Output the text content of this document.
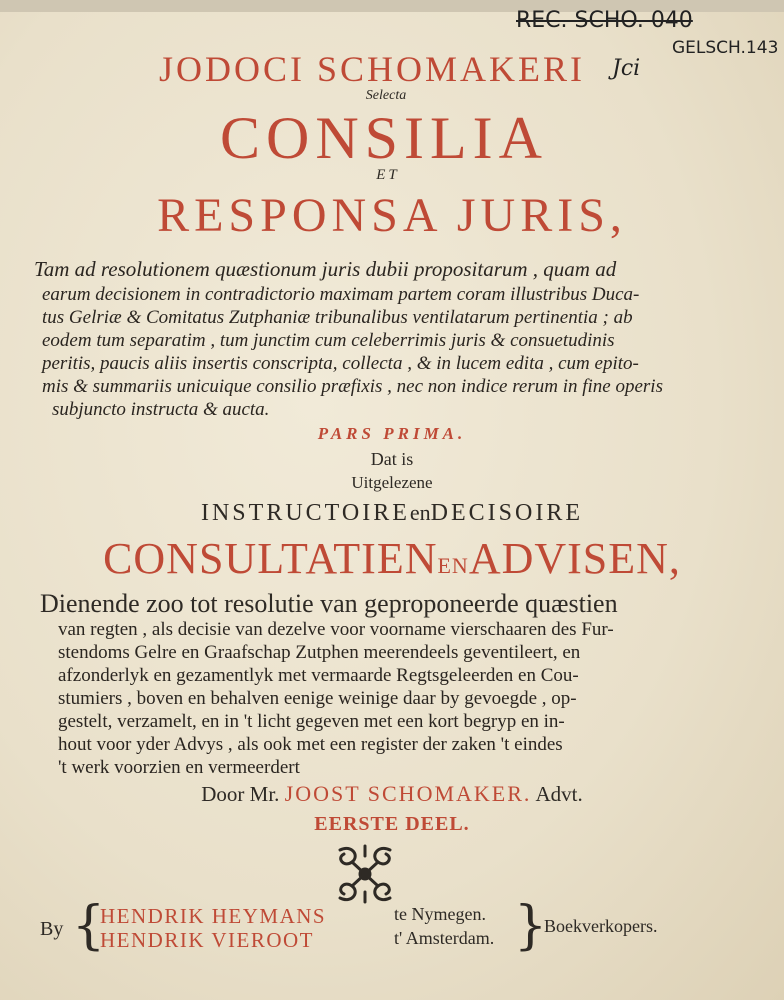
REC. SCHO. 040
GELSCH.143
Jci
JODOCI SCHOMAKERI
Selecta
CONSILIA
ET
RESPONSA JURIS,
Tam ad resolutionem quæstionum juris dubii propositarum , quam ad
earum decisionem in contradictorio maximam partem coram illustribus Duca-
tus Gelriæ & Comitatus Zutphaniæ tribunalibus ventilatarum pertinentia ; ab
eodem tum separatim , tum junctim cum celeberrimis juris & consuetudinis
peritis, paucis aliis insertis conscripta, collecta , & in lucem edita , cum epito-
mis & summariis unicuique consilio præfixis , nec non indice rerum in fine operis
subjuncto instructa & aucta.
PARS PRIMA.
Dat is
Uitgelezene
INSTRUCTOIREenDECISOIRE
CONSULTATIENENADVISEN,
Dienende zoo tot resolutie van geproponeerde quæstien
van regten , als decisie van dezelve voor voorname vierschaaren des Fur-
stendoms Gelre en Graafschap Zutphen meerendeels geventileert, en
afzonderlyk en gezamentlyk met vermaarde Regtsgeleerden en Cou-
stumiers , boven en behalven eenige weinige daar by gevoegde , op-
gestelt, verzamelt, en in 't licht gegeven met een kort begryp en in-
hout voor yder Advys , als ook met een register der zaken 't eindes
't werk voorzien en vermeerdert
Door Mr. JOOST SCHOMAKER. Advt.
EERSTE DEEL.
By {
HENDRIK HEYMANS	te Nymegen.
HENDRIK VIEROOT	t' Amsterdam. }
Boekverkopers.
